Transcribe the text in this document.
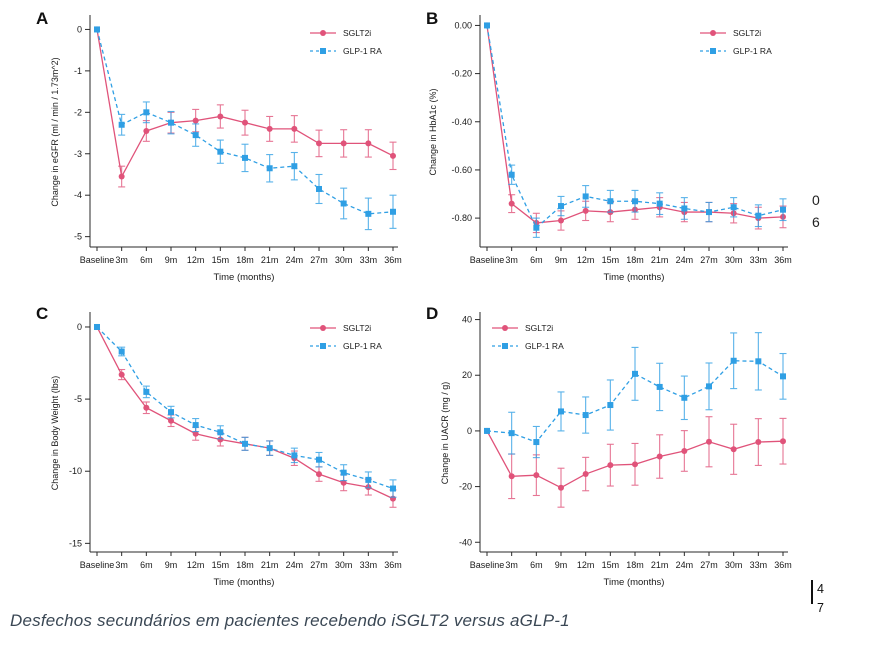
A
0
-1
-2
-3
-4
-5
Baseline 3m 6m 9m 12m 15m 18m 21m 24m 27m 30m 33m 36m
Time (months)
Change in eGFR (ml / min / 1.73m^2)
SGLT2i
GLP-1 RA
B 0.00
-0.20
-0.40
-0.60
-0.80
Baseline 3m 6m 9m 12m 15m 18m 21m 24m 27m 30m 33m 36m
Time (months)
Change in HbA1c (%)
SGLT2i
GLP-1 RA
C
0
-5
-10
-15
Baseline 3m 6m 9m 12m 15m 18m 21m 24m 27m 30m 33m 36m
Time (months)
Change in Body Weight (lbs)
SGLT2i
GLP-1 RA
D	40
20
0
-20
-40
Baseline 3m 6m 9m 12m 15m 18m 21m 24m 27m 30m 33m 36m
Time (months)
Change in UACR (mg / g)
SGLT2i
GLP-1 RA
Desfechos secundários em pacientes recebendo iSGLT2 versus aGLP-1
0
6
4
7
